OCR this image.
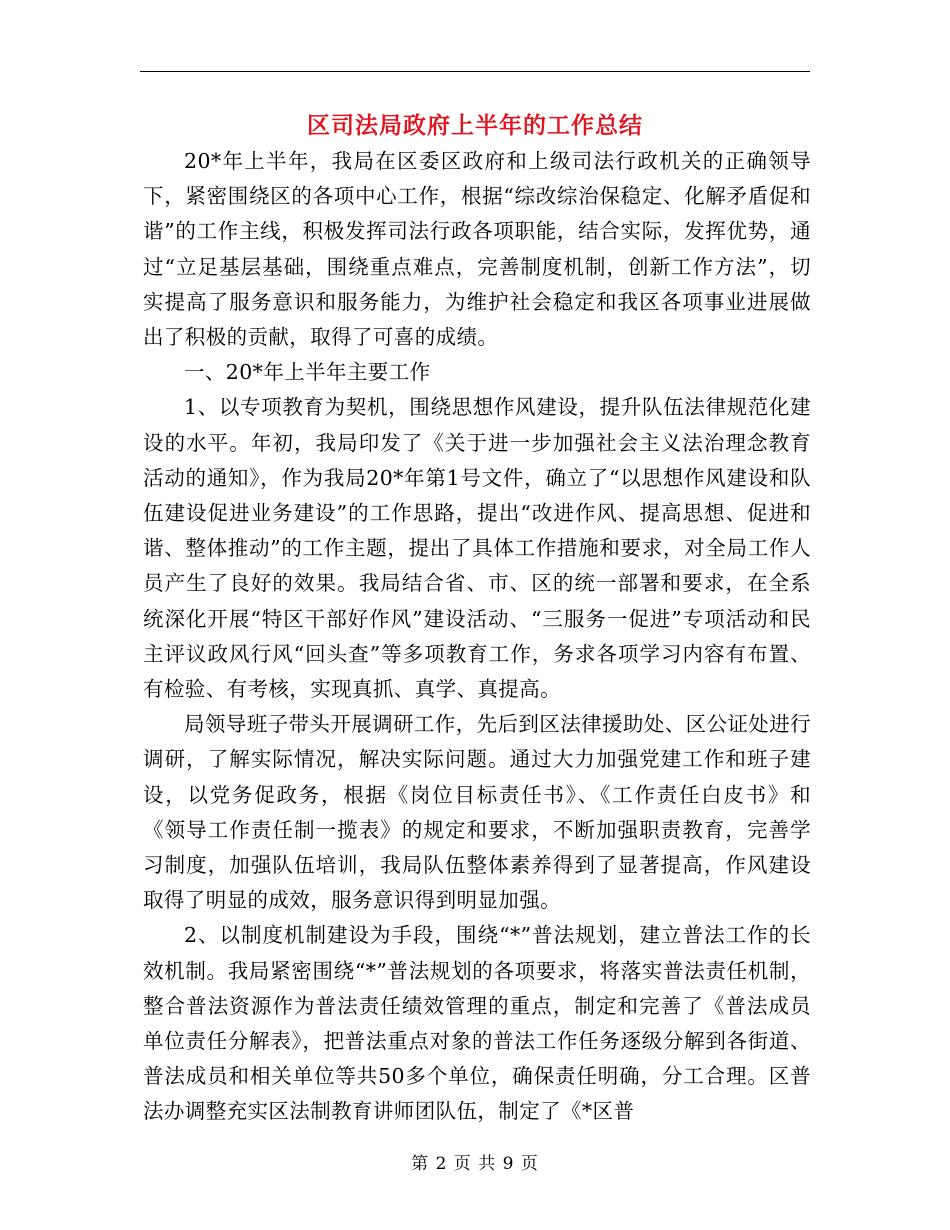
区司法局政府上半年的工作总结

20*年上半年，我局在区委区政府和上级司法行政机关的正确领导下，紧密围绕区的各项中心工作，根据“综改综治保稳定、化解矛盾促和谐”的工作主线，积极发挥司法行政各项职能，结合实际，发挥优势，通过“立足基层基础，围绕重点难点，完善制度机制，创新工作方法”，切实提高了服务意识和服务能力，为维护社会稳定和我区各项事业进展做出了积极的贡献，取得了可喜的成绩。

一、20*年上半年主要工作

1、以专项教育为契机，围绕思想作风建设，提升队伍法律规范化建设的水平。年初，我局印发了《关于进一步加强社会主义法治理念教育活动的通知》，作为我局20*年第1号文件，确立了“以思想作风建设和队伍建设促进业务建设”的工作思路，提出“改进作风、提高思想、促进和谐、整体推动”的工作主题，提出了具体工作措施和要求，对全局工作人员产生了良好的效果。我局结合省、市、区的统一部署和要求，在全系统深化开展“特区干部好作风”建设活动、“三服务一促进”专项活动和民主评议政风行风“回头查”等多项教育工作，务求各项学习内容有布置、有检验、有考核，实现真抓、真学、真提高。

局领导班子带头开展调研工作，先后到区法律援助处、区公证处进行调研，了解实际情况，解决实际问题。通过大力加强党建工作和班子建设，以党务促政务，根据《岗位目标责任书》、《工作责任白皮书》和《领导工作责任制一揽表》的规定和要求，不断加强职责教育，完善学习制度，加强队伍培训，我局队伍整体素养得到了显著提高，作风建设取得了明显的成效，服务意识得到明显加强。

2、以制度机制建设为手段，围绕“*”普法规划，建立普法工作的长效机制。我局紧密围绕“*”普法规划的各项要求，将落实普法责任机制，整合普法资源作为普法责任绩效管理的重点，制定和完善了《普法成员单位责任分解表》，把普法重点对象的普法工作任务逐级分解到各街道、普法成员和相关单位等共50多个单位，确保责任明确，分工合理。区普法办调整充实区法制教育讲师团队伍，制定了《*区普

第 2 页 共 9 页
